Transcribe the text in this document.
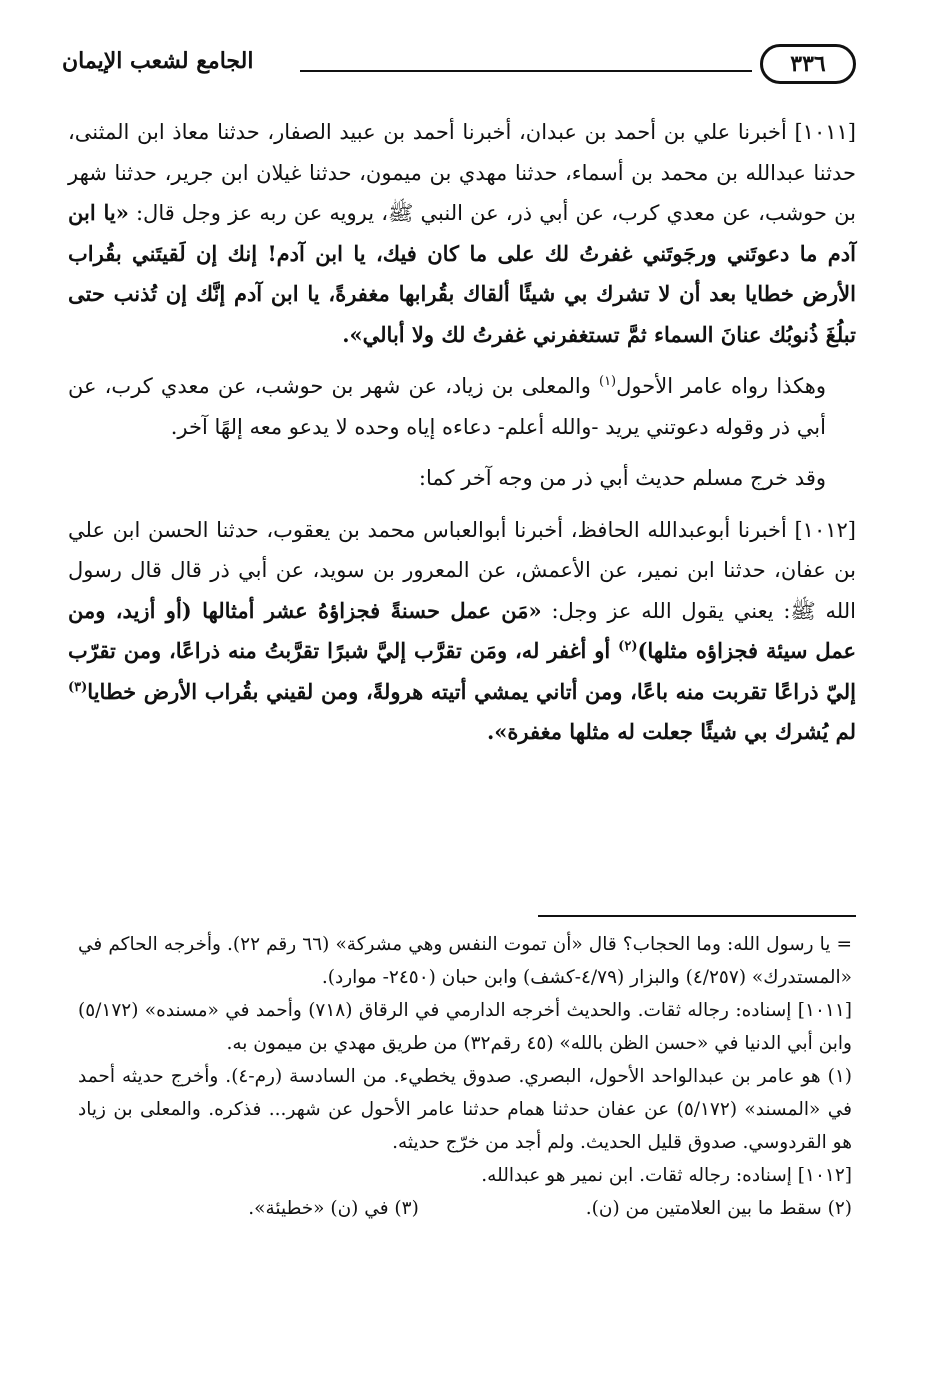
٣٣٦
الجامع لشعب الإيمان

[١٠١١] أخبرنا علي بن أحمد بن عبدان، أخبرنا أحمد بن عبيد الصفار، حدثنا معاذ ابن المثنى، حدثنا عبدالله بن محمد بن أسماء، حدثنا مهدي بن ميمون، حدثنا غيلان ابن جرير، حدثنا شهر بن حوشب، عن معدي كرب، عن أبي ذر، عن النبي ﷺ، يرويه عن ربه عز وجل قال: «يا ابن آدم ما دعوتَني ورجَوتَني غفرتُ لك على ما كان فيك، يا ابن آدم! إنك إن لَقيتَني بقُراب الأرض خطايا بعد أن لا تشرك بي شيئًا ألقاك بقُرابها مغفرةً، يا ابن آدم إنَّك إن تُذنب حتى تبلُغَ ذُنوبُك عنانَ السماء ثمَّ تستغفرني غفرتُ لك ولا أبالي».

وهكذا رواه عامر الأحول$^{(١)}$ والمعلى بن زياد، عن شهر بن حوشب، عن معدي كرب، عن أبي ذر وقوله دعوتني يريد -والله أعلم- دعاءه إياه وحده لا يدعو معه إلهًا آخر.

وقد خرج مسلم حديث أبي ذر من وجه آخر كما:

[١٠١٢] أخبرنا أبوعبدالله الحافظ، أخبرنا أبوالعباس محمد بن يعقوب، حدثنا الحسن ابن علي بن عفان، حدثنا ابن نمير، عن الأعمش، عن المعرور بن سويد، عن أبي ذر قال قال رسول الله ﷺ: يعني يقول الله عز وجل: «مَن عمل حسنةً فجزاؤهُ عشر أمثالها (أو أزيد، ومن عمل سيئة فجزاؤه مثلها)$^{(٢)}$ أو أغفر له، ومَن تقرَّب إليَّ شبرًا تقرَّبتُ منه ذراعًا، ومن تقرّب إليّ ذراعًا تقربت منه باعًا، ومن أتاني يمشي أتيته هرولةً، ومن لقيني بقُراب الأرض خطايا$^{(٣)}$ لم يُشرك بي شيئًا جعلت له مثلها مغفرة».

= يا رسول الله: وما الحجاب؟ قال «أن تموت النفس وهي مشركة» (٦٦ رقم ٢٢). وأخرجه الحاكم في «المستدرك» (٤/٢٥٧) والبزار (٤/٧٩-كشف) وابن حبان (٢٤٥٠- موارد).

[١٠١١] إسناده: رجاله ثقات. والحديث أخرجه الدارمي في الرقاق (٧١٨) وأحمد في «مسنده» (٥/١٧٢) وابن أبي الدنيا في «حسن الظن بالله» (٤٥ رقم٣٢) من طريق مهدي بن ميمون به.

(١) هو عامر بن عبدالواحد الأحول، البصري. صدوق يخطيء. من السادسة (رم-٤). وأخرج حديثه أحمد في «المسند» (٥/١٧٢) عن عفان حدثنا همام حدثنا عامر الأحول عن شهر... فذكره. والمعلى بن زياد هو القردوسي. صدوق قليل الحديث. ولم أجد من خرّج حديثه.

[١٠١٢] إسناده: رجاله ثقات. ابن نمير هو عبدالله.

(٢) سقط ما بين العلامتين من (ن).
(٣) في (ن) «خطيئة».
